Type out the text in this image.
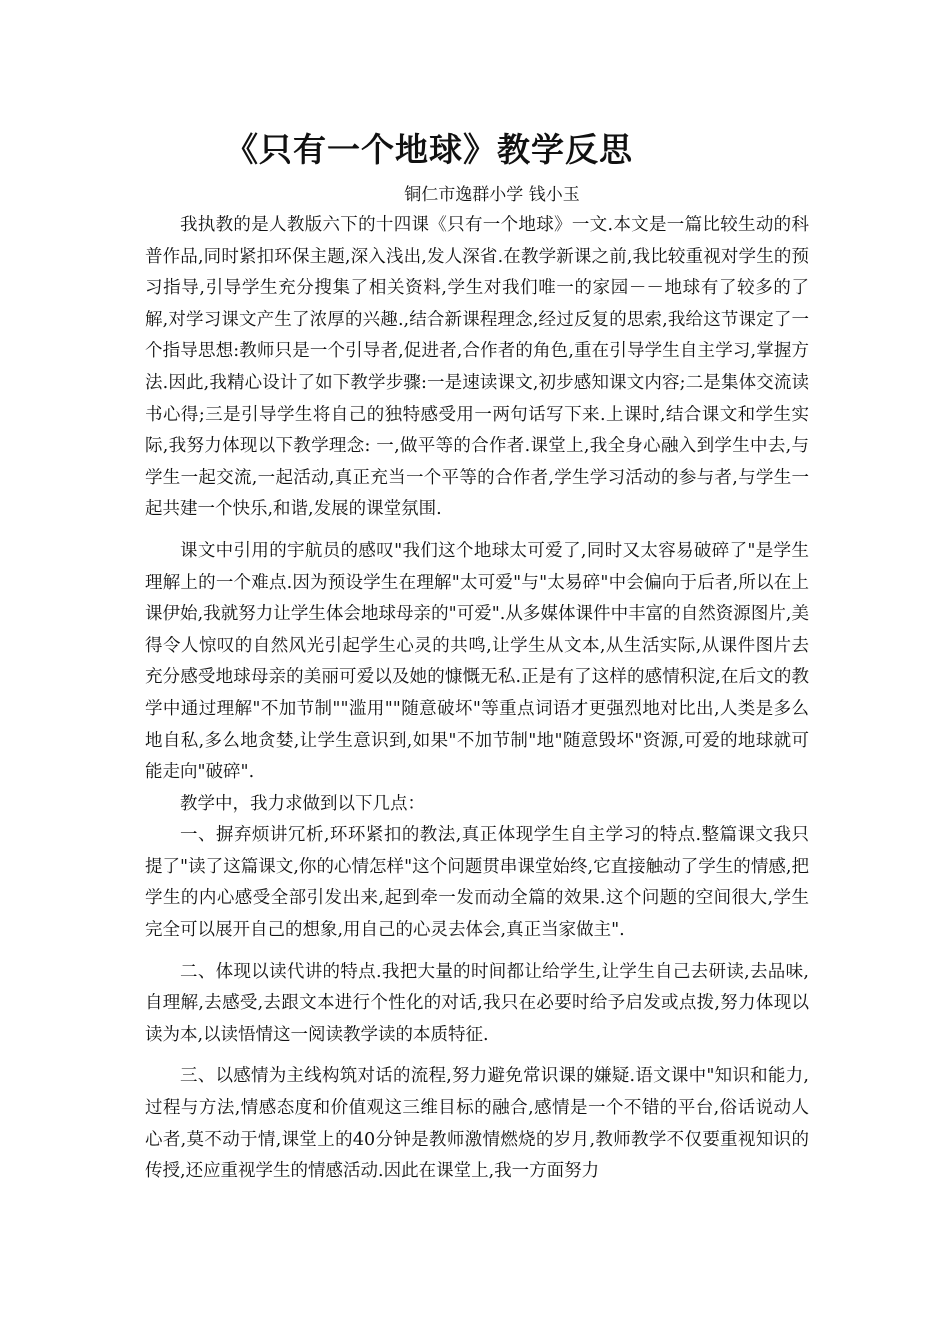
《只有一个地球》教学反思
铜仁市逸群小学 钱小玉

我执教的是人教版六下的十四课《只有一个地球》一文.本文是一篇比较生动的科普作品,同时紧扣环保主题,深入浅出,发人深省.在教学新课之前,我比较重视对学生的预习指导,引导学生充分搜集了相关资料,学生对我们唯一的家园－－地球有了较多的了解,对学习课文产生了浓厚的兴趣.,结合新课程理念,经过反复的思索,我给这节课定了一个指导思想:教师只是一个引导者,促进者,合作者的角色,重在引导学生自主学习,掌握方法.因此,我精心设计了如下教学步骤:一是速读课文,初步感知课文内容;二是集体交流读书心得;三是引导学生将自己的独特感受用一两句话写下来.上课时,结合课文和学生实际,我努力体现以下教学理念: 一,做平等的合作者.课堂上,我全身心融入到学生中去,与学生一起交流,一起活动,真正充当一个平等的合作者,学生学习活动的参与者,与学生一起共建一个快乐,和谐,发展的课堂氛围.

课文中引用的宇航员的感叹"我们这个地球太可爱了,同时又太容易破碎了"是学生理解上的一个难点.因为预设学生在理解"太可爱"与"太易碎"中会偏向于后者,所以在上课伊始,我就努力让学生体会地球母亲的"可爱".从多媒体课件中丰富的自然资源图片,美得令人惊叹的自然风光引起学生心灵的共鸣,让学生从文本,从生活实际,从课件图片去充分感受地球母亲的美丽可爱以及她的慷慨无私.正是有了这样的感情积淀,在后文的教学中通过理解"不加节制""滥用""随意破坏"等重点词语才更强烈地对比出,人类是多么地自私,多么地贪婪,让学生意识到,如果"不加节制"地"随意毁坏"资源,可爱的地球就可能走向"破碎".

教学中，我力求做到以下几点：

一、摒弃烦讲冗析,环环紧扣的教法,真正体现学生自主学习的特点.整篇课文我只提了"读了这篇课文,你的心情怎样"这个问题贯串课堂始终,它直接触动了学生的情感,把学生的内心感受全部引发出来,起到牵一发而动全篇的效果.这个问题的空间很大,学生完全可以展开自己的想象,用自己的心灵去体会,真正当家做主".

二、体现以读代讲的特点.我把大量的时间都让给学生,让学生自己去研读,去品味,自理解,去感受,去跟文本进行个性化的对话,我只在必要时给予启发或点拨,努力体现以读为本,以读悟情这一阅读教学读的本质特征.

三、以感情为主线构筑对话的流程,努力避免常识课的嫌疑.语文课中"知识和能力,过程与方法,情感态度和价值观这三维目标的融合,感情是一个不错的平台,俗话说动人心者,莫不动于情,课堂上的40分钟是教师激情燃烧的岁月,教师教学不仅要重视知识的传授,还应重视学生的情感活动.因此在课堂上,我一方面努力
